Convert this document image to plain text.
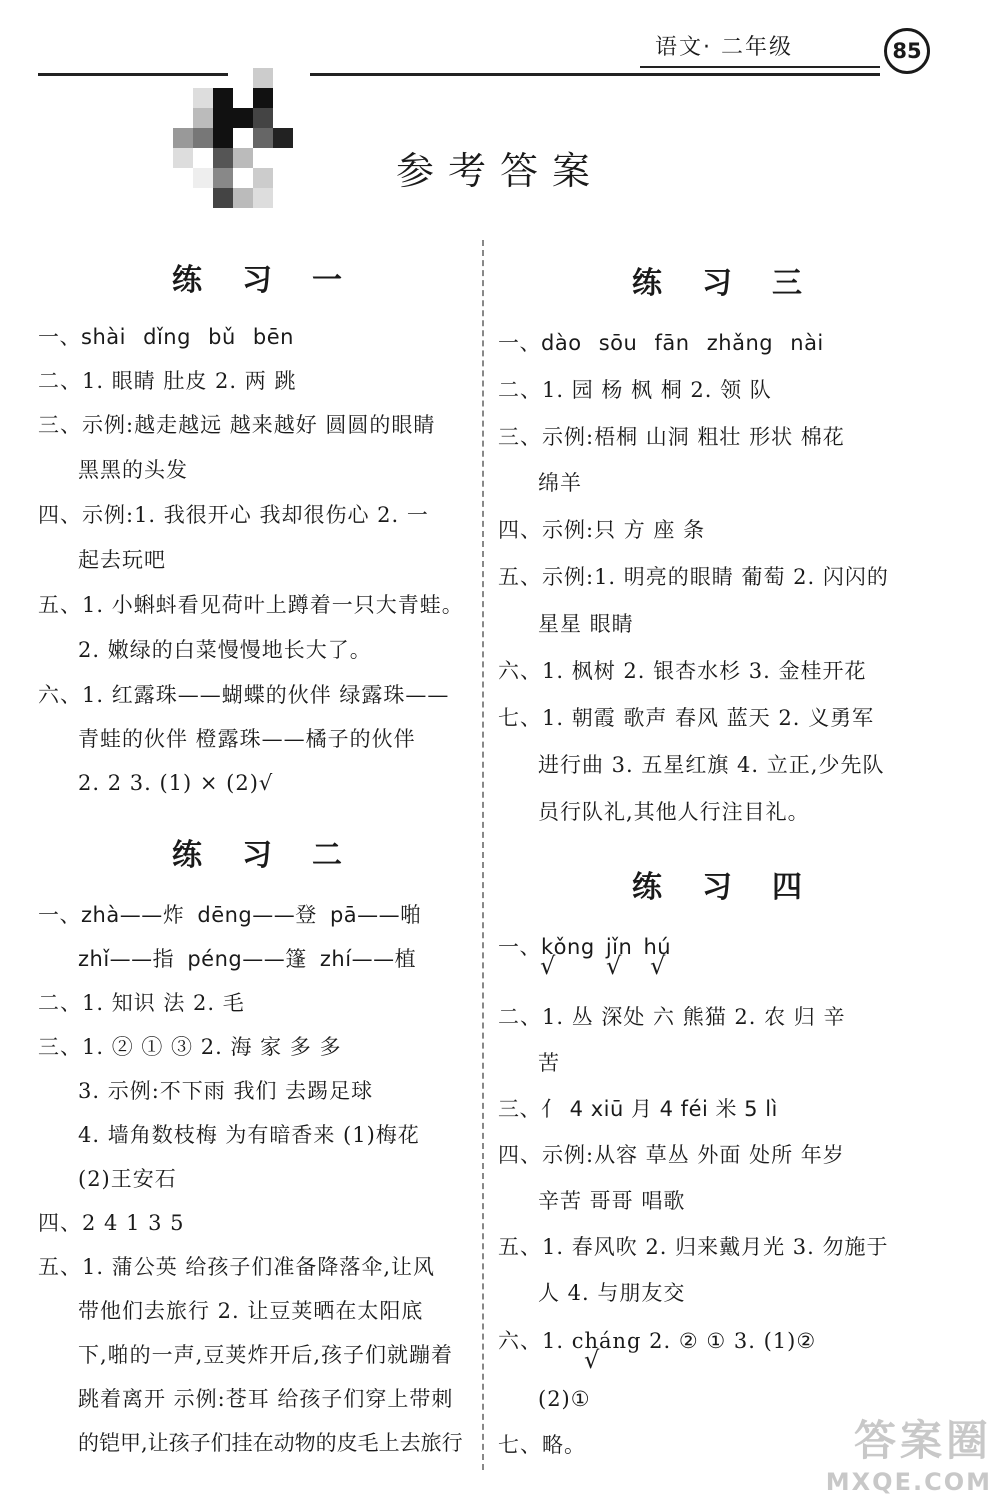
语文· 二年级	85
参考答案
练习一
一、shài dǐng bǔ bēn
二、1. 眼睛 肚皮 2. 两 跳
三、示例:越走越远 越来越好 圆圆的眼睛
黑黑的头发
四、示例:1. 我很开心 我却很伤心 2. 一
起去玩吧
五、1. 小蝌蚪看见荷叶上蹲着一只大青蛙。
2. 嫩绿的白菜慢慢地长大了。
六、1. 红露珠——蝴蝶的伙伴 绿露珠——
青蛙的伙伴 橙露珠——橘子的伙伴
2. 2 3. (1) × (2)√
练习二
一、zhà——炸 dēng——登 pā——啪
zhǐ——指 péng——篷 zhí——植
二、1. 知识 法 2. 毛
三、1. ② ① ③ 2. 海 家 多 多
3. 示例:不下雨 我们 去踢足球
4. 墙角数枝梅 为有暗香来 (1)梅花
(2)王安石
四、2 4 1 3 5
五、1. 蒲公英 给孩子们准备降落伞,让风
带他们去旅行 2. 让豆荚晒在太阳底
下,啪的一声,豆荚炸开后,孩子们就蹦着
跳着离开 示例:苍耳 给孩子们穿上带刺
的铠甲,让孩子们挂在动物的皮毛上去旅行
练习三
一、dào sōu fān zhǎng nài
二、1. 园 杨 枫 桐 2. 领 队
三、示例:梧桐 山洞 粗壮 形状 棉花
绵羊
四、示例:只 方 座 条
五、示例:1. 明亮的眼睛 葡萄 2. 闪闪的
星星 眼睛
六、1. 枫树 2. 银杏水杉 3. 金桂开花
七、1. 朝霞 歌声 春风 蓝天 2. 义勇军
进行曲 3. 五星红旗 4. 立正,少先队
员行队礼,其他人行注目礼。
练习四
一、kǒng jǐn hú
√ √ √
二、1. 丛 深处 六 熊猫 2. 农 归 辛
苦
三、亻 4 xiū 月 4 féi 米 5 lì
四、示例:从容 草丛 外面 处所 年岁
辛苦 哥哥 唱歌
五、1. 春风吹 2. 归来戴月光 3. 勿施于
人 4. 与朋友交
六、1. cháng 2. ② ① 3. (1)②
√
(2)①
七、略。	答案圈
MXQE.COM
